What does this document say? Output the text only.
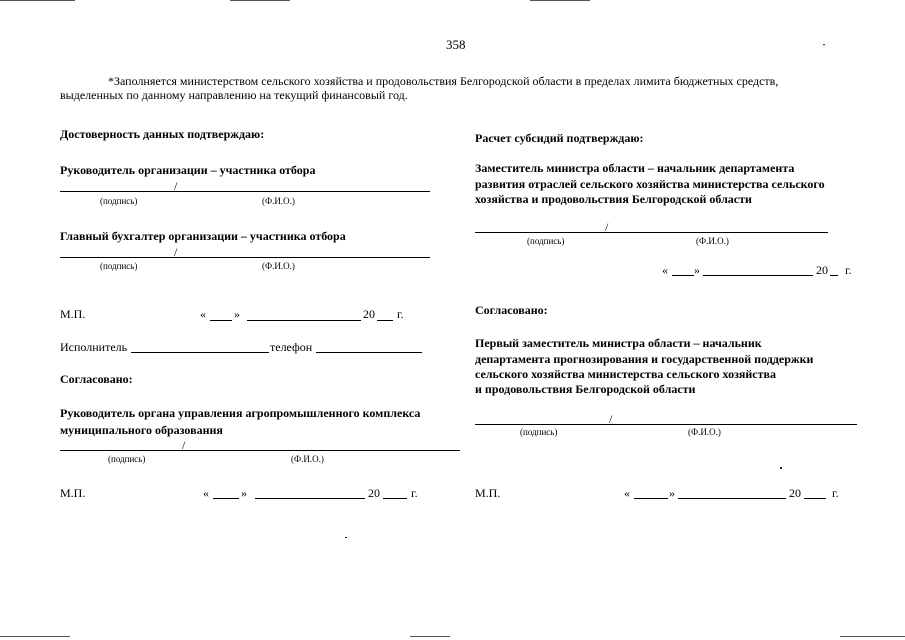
358
*Заполняется министерством сельского хозяйства и продовольствия Белгородской области в пределах лимита бюджетных средств,
выделенных по данному направлению на текущий финансовый год.
Достоверность данных подтверждаю:
Руководитель организации – участника отбора
/
(подпись)	(Ф.И.О.)
Главный бухгалтер организации – участника отбора
/
(подпись)	(Ф.И.О.)
М.П.	« »	20 г.
Исполнитель	телефон
Согласовано:
Руководитель органа управления агропромышленного комплекса
муниципального образования
/
(подпись)	(Ф.И.О.)
М.П.	«	»	20	г.
Расчет субсидий подтверждаю:
Заместитель министра области – начальник департамента
развития отраслей сельского хозяйства министерства сельского
хозяйства и продовольствия Белгородской области
/
(подпись)	(Ф.И.О.)
« »	20 г.
Согласовано:
Первый заместитель министра области – начальник
департамента прогнозирования и государственной поддержки
сельского хозяйства министерства сельского хозяйства
и продовольствия Белгородской области
/
(подпись)	(Ф.И.О.)
М.П.	«	»	20	г.
